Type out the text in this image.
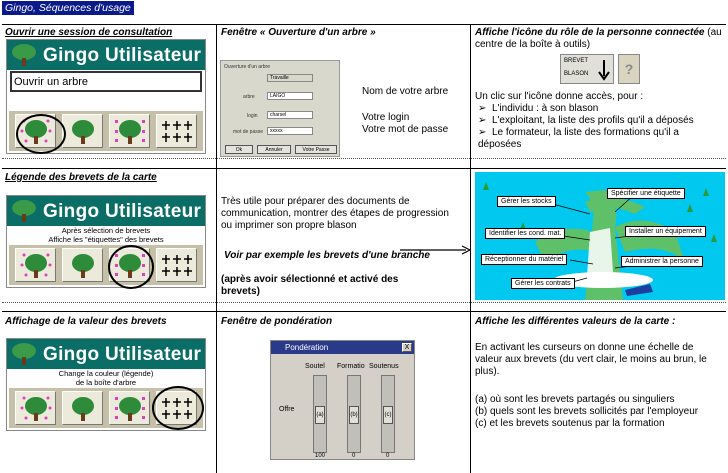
Gingo, Séquences d'usage
Ouvrir une session de consultation
Gingo Utilisateur
Ouvrir un arbre
Fenêtre « Ouverture d'un arbre »
Ouverture d'un arbre
Travaille
arbre	LAIGO
login	charsel
mot de passe	xxxxx
Ok	Annuler	Votre Passe
Nom de votre arbre
Votre login
Votre mot de passe
Affiche l'icône du rôle de la personne connectée (au centre de la boîte à outils)
BREVET
BLASON	?
Un clic sur l'icône donne accès, pour :
➢  L'individu : à son blason
➢  L'exploitant, la liste des profils qu'il a déposés
➢  Le formateur, la liste des formations qu'il a déposées
Légende des brevets de la carte
Gingo Utilisateur
Après sélection de brevets
Affiche les "étiquettes" des brevets
Très utile pour préparer des documents de communication, montrer des étapes de progression ou imprimer son propre blason
Voir par exemple les brevets d'une branche
(après avoir sélectionné et activé des brevets)
Gérer les stocks
Spécifier une étiquette
Identifier les cond. mat.	Installer un équipement
Réceptionner du matériel	Administrer la personne
Gérer les contrats
Affichage de la valeur des brevets
Gingo Utilisateur
Change la couleur (légende)
de la boîte d'arbre
Fenêtre de pondération
Pondération	X
Soutel Formatio Soutenus
Offre
(a)	(b)	(c)
100	0	0
Affiche les différentes valeurs de la carte :
En activant les curseurs on donne une échelle de valeur aux brevets (du vert clair, le moins au brun, le plus).
(a) où sont les brevets partagés ou singuliers
(b) quels sont les brevets sollicités par l'employeur
(c) et les brevets soutenus par la formation
